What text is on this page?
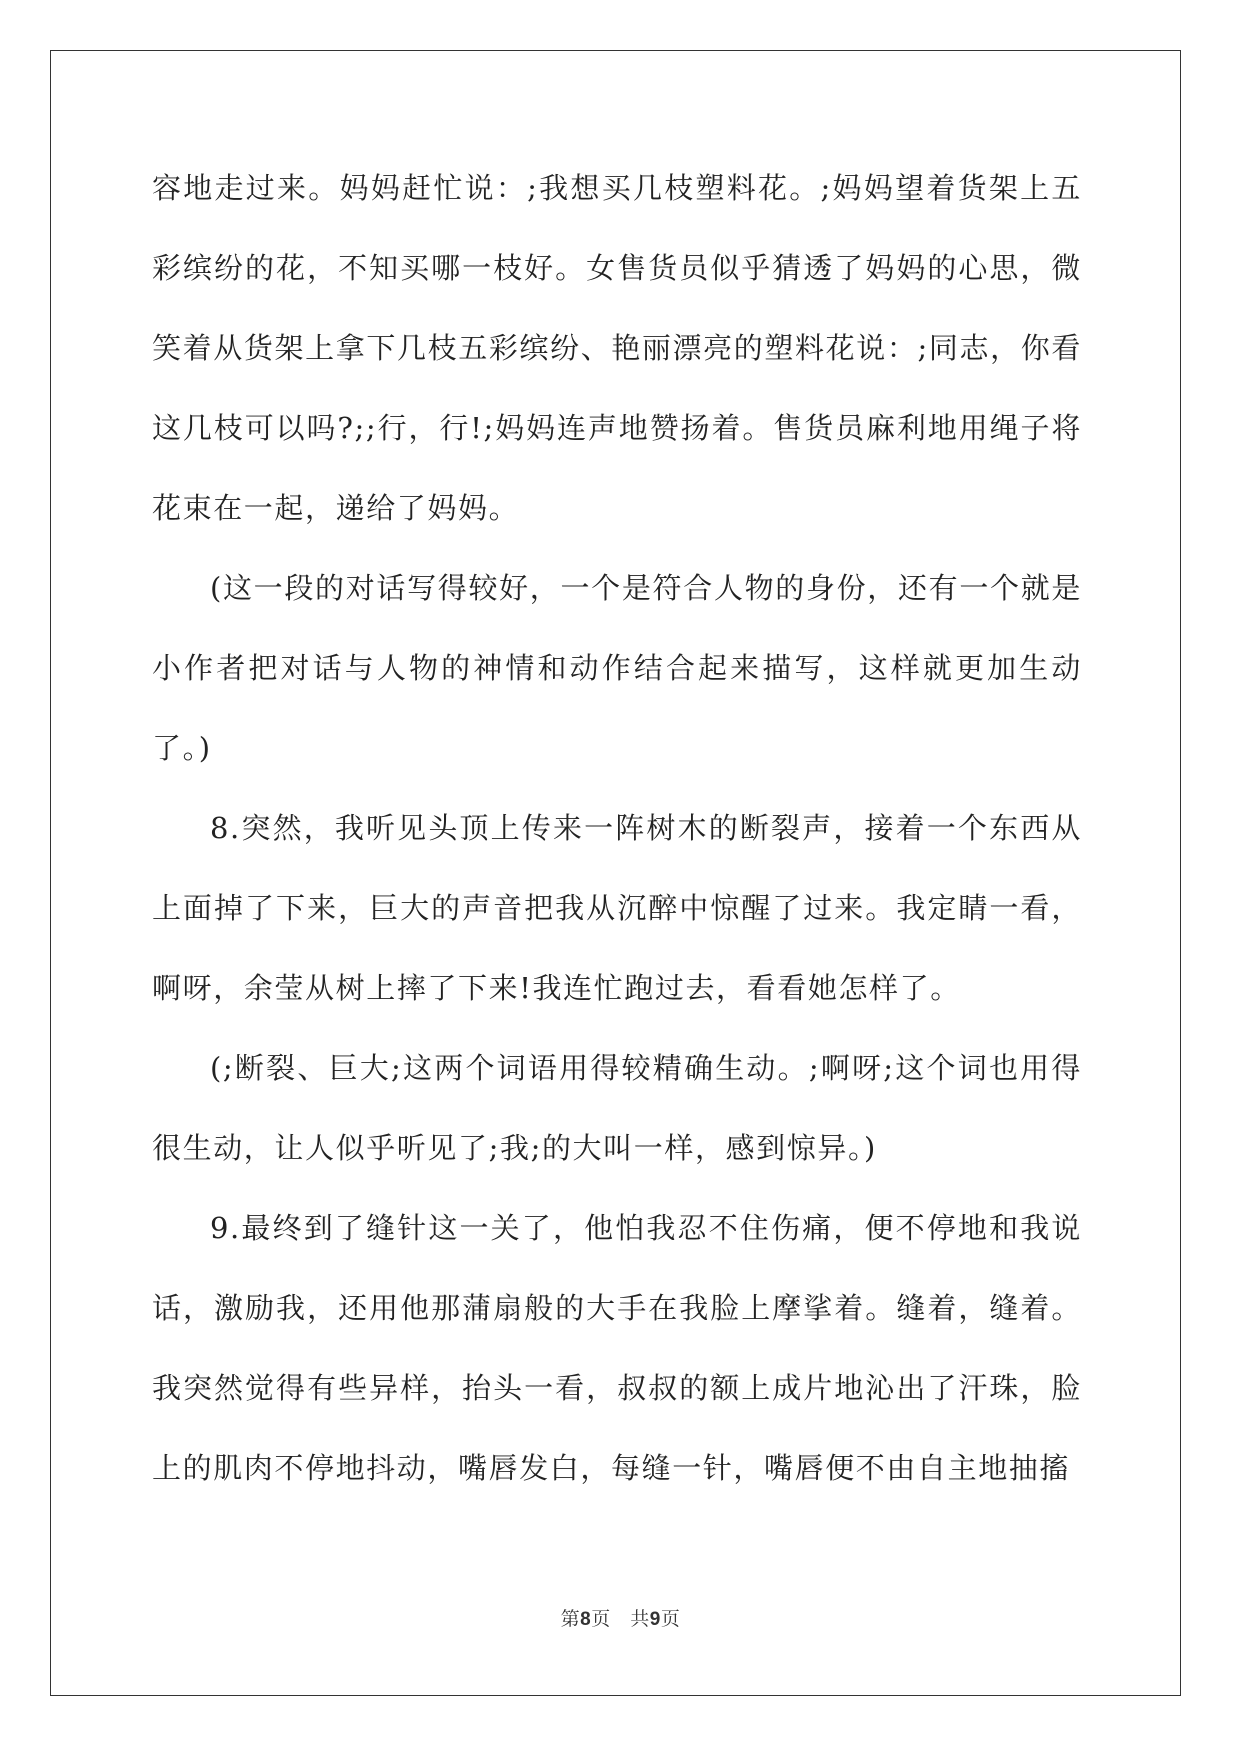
容地走过来。妈妈赶忙说：;我想买几枝塑料花。;妈妈望着货架上五彩缤纷的花，不知买哪一枝好。女售货员似乎猜透了妈妈的心思，微笑着从货架上拿下几枝五彩缤纷、艳丽漂亮的塑料花说：;同志，你看这几枝可以吗?;;行，行!;妈妈连声地赞扬着。售货员麻利地用绳子将花束在一起，递给了妈妈。

(这一段的对话写得较好，一个是符合人物的身份，还有一个就是小作者把对话与人物的神情和动作结合起来描写，这样就更加生动了。)

8.突然，我听见头顶上传来一阵树木的断裂声，接着一个东西从上面掉了下来，巨大的声音把我从沉醉中惊醒了过来。我定睛一看，啊呀，余莹从树上摔了下来!我连忙跑过去，看看她怎样了。

(;断裂、巨大;这两个词语用得较精确生动。;啊呀;这个词也用得很生动，让人似乎听见了;我;的大叫一样，感到惊异。)

9.最终到了缝针这一关了，他怕我忍不住伤痛，便不停地和我说话，激励我，还用他那蒲扇般的大手在我脸上摩挲着。缝着，缝着。我突然觉得有些异样，抬头一看，叔叔的额上成片地沁出了汗珠，脸上的肌肉不停地抖动，嘴唇发白，每缝一针，嘴唇便不由自主地抽搐

第8页　共9页
